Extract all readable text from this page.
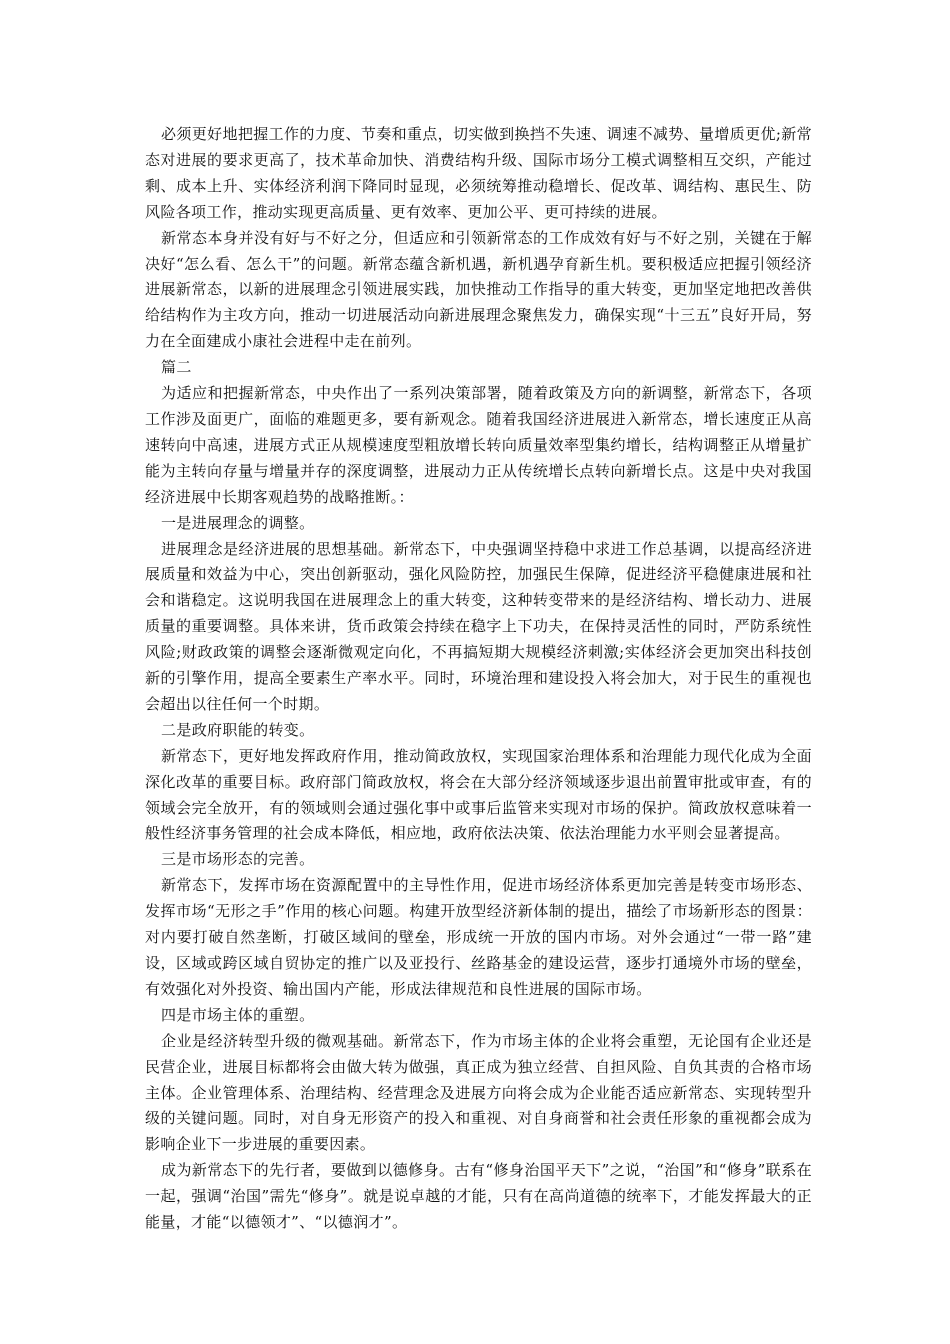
必须更好地把握工作的力度、节奏和重点，切实做到换挡不失速、调速不减势、量增质更优;新常态对进展的要求更高了，技术革命加快、消费结构升级、国际市场分工模式调整相互交织，产能过剩、成本上升、实体经济利润下降同时显现，必须统筹推动稳增长、促改革、调结构、惠民生、防风险各项工作，推动实现更高质量、更有效率、更加公平、更可持续的进展。

新常态本身并没有好与不好之分，但适应和引领新常态的工作成效有好与不好之别，关键在于解决好“怎么看、怎么干”的问题。新常态蕴含新机遇，新机遇孕育新生机。要积极适应把握引领经济进展新常态，以新的进展理念引领进展实践，加快推动工作指导的重大转变，更加坚定地把改善供给结构作为主攻方向，推动一切进展活动向新进展理念聚焦发力，确保实现“十三五”良好开局，努力在全面建成小康社会进程中走在前列。

篇二

为适应和把握新常态，中央作出了一系列决策部署，随着政策及方向的新调整，新常态下，各项工作涉及面更广，面临的难题更多，要有新观念。随着我国经济进展进入新常态，增长速度正从高速转向中高速，进展方式正从规模速度型粗放增长转向质量效率型集约增长，结构调整正从增量扩能为主转向存量与增量并存的深度调整，进展动力正从传统增长点转向新增长点。这是中央对我国经济进展中长期客观趋势的战略推断。：

一是进展理念的调整。

进展理念是经济进展的思想基础。新常态下，中央强调坚持稳中求进工作总基调，以提高经济进展质量和效益为中心，突出创新驱动，强化风险防控，加强民生保障，促进经济平稳健康进展和社会和谐稳定。这说明我国在进展理念上的重大转变，这种转变带来的是经济结构、增长动力、进展质量的重要调整。具体来讲，货币政策会持续在稳字上下功夫，在保持灵活性的同时，严防系统性风险;财政政策的调整会逐渐微观定向化，不再搞短期大规模经济刺激;实体经济会更加突出科技创新的引擎作用，提高全要素生产率水平。同时，环境治理和建设投入将会加大，对于民生的重视也会超出以往任何一个时期。

二是政府职能的转变。

新常态下，更好地发挥政府作用，推动简政放权，实现国家治理体系和治理能力现代化成为全面深化改革的重要目标。政府部门简政放权，将会在大部分经济领域逐步退出前置审批或审查，有的领域会完全放开，有的领域则会通过强化事中或事后监管来实现对市场的保护。简政放权意味着一般性经济事务管理的社会成本降低，相应地，政府依法决策、依法治理能力水平则会显著提高。

三是市场形态的完善。

新常态下，发挥市场在资源配置中的主导性作用，促进市场经济体系更加完善是转变市场形态、发挥市场“无形之手”作用的核心问题。构建开放型经济新体制的提出，描绘了市场新形态的图景：对内要打破自然垄断，打破区域间的壁垒，形成统一开放的国内市场。对外会通过“一带一路”建设，区域或跨区域自贸协定的推广以及亚投行、丝路基金的建设运营，逐步打通境外市场的壁垒，有效强化对外投资、输出国内产能，形成法律规范和良性进展的国际市场。

四是市场主体的重塑。

企业是经济转型升级的微观基础。新常态下，作为市场主体的企业将会重塑，无论国有企业还是民营企业，进展目标都将会由做大转为做强，真正成为独立经营、自担风险、自负其责的合格市场主体。企业管理体系、治理结构、经营理念及进展方向将会成为企业能否适应新常态、实现转型升级的关键问题。同时，对自身无形资产的投入和重视、对自身商誉和社会责任形象的重视都会成为影响企业下一步进展的重要因素。

成为新常态下的先行者，要做到以德修身。古有“修身治国平天下”之说，“治国”和“修身”联系在一起，强调“治国”需先“修身”。就是说卓越的才能，只有在高尚道德的统率下，才能发挥最大的正能量，才能“以德领才”、“以德润才”。
